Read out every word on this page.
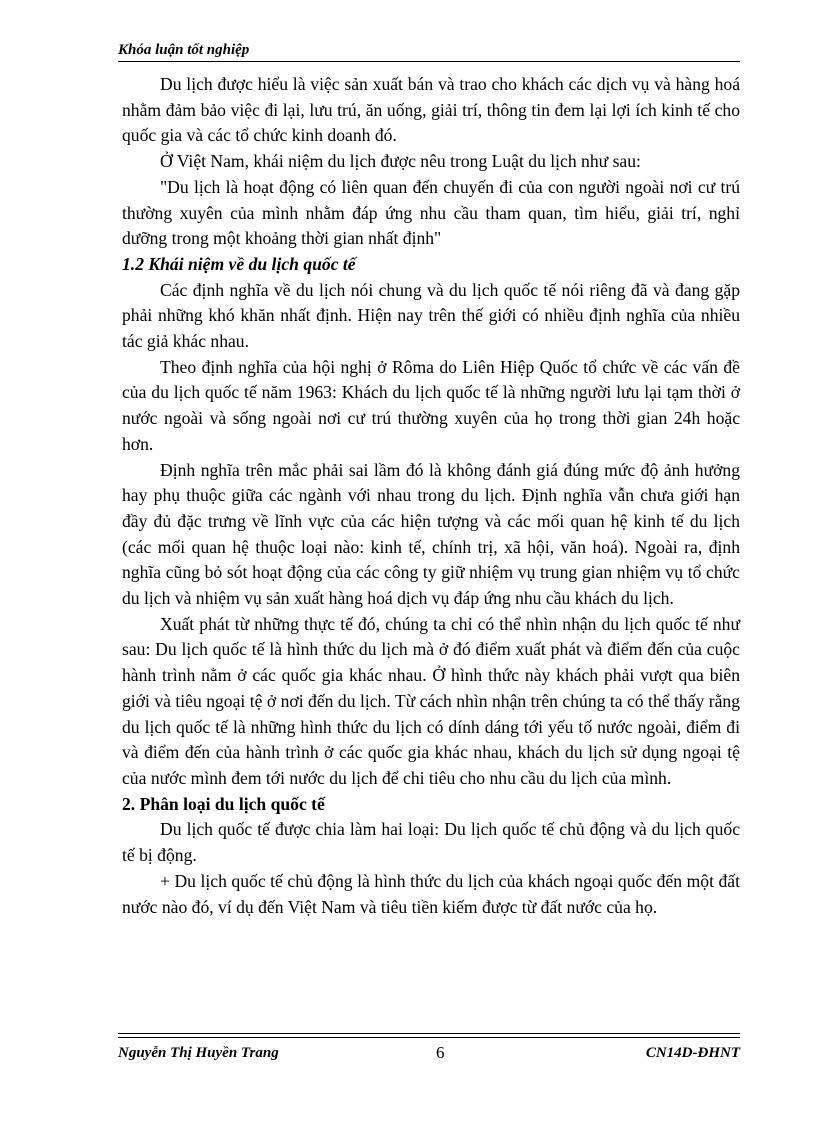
Khóa luận tốt nghiệp

Du lịch được hiểu là việc sản xuất bán và trao cho khách các dịch vụ và hàng hoá nhằm đảm bảo việc đi lại, lưu trú, ăn uống, giải trí, thông tin đem lại lợi ích kinh tế cho quốc gia và các tổ chức kinh doanh đó.

Ở Việt Nam, khái niệm du lịch được nêu trong Luật du lịch như sau:

"Du lịch là hoạt động có liên quan đến chuyến đi của con người ngoài nơi cư trú thường xuyên của mình nhằm đáp ứng nhu cầu tham quan, tìm hiểu, giải trí, nghỉ dưỡng trong một khoảng thời gian nhất định"

1.2 Khái niệm về du lịch quốc tế

Các định nghĩa về du lịch nói chung và du lịch quốc tế nói riêng đã và đang gặp phải những khó khăn nhất định. Hiện nay trên thế giới có nhiều định nghĩa của nhiều tác giả khác nhau.

Theo định nghĩa của hội nghị ở Rôma do Liên Hiệp Quốc tổ chức về các vấn đề của du lịch quốc tế năm 1963: Khách du lịch quốc tế là những người lưu lại tạm thời ở nước ngoài và sống ngoài nơi cư trú thường xuyên của họ trong thời gian 24h hoặc hơn.

Định nghĩa trên mắc phải sai lầm đó là không đánh giá đúng mức độ ảnh hưởng hay phụ thuộc giữa các ngành với nhau trong du lịch. Định nghĩa vẫn chưa giới hạn đầy đủ đặc trưng về lĩnh vực của các hiện tượng và các mối quan hệ kinh tế du lịch (các mối quan hệ thuộc loại nào: kinh tế, chính trị, xã hội, văn hoá). Ngoài ra, định nghĩa cũng bỏ sót hoạt động của các công ty giữ nhiệm vụ trung gian nhiệm vụ tổ chức du lịch và nhiệm vụ sản xuất hàng hoá dịch vụ đáp ứng nhu cầu khách du lịch.

Xuất phát từ những thực tế đó, chúng ta chỉ có thể nhìn nhận du lịch quốc tế như sau: Du lịch quốc tế là hình thức du lịch mà ở đó điểm xuất phát và điểm đến của cuộc hành trình nằm ở các quốc gia khác nhau. Ở hình thức này khách phải vượt qua biên giới và tiêu ngoại tệ ở nơi đến du lịch. Từ cách nhìn nhận trên chúng ta có thể thấy rằng du lịch quốc tế là những hình thức du lịch có dính dáng tới yếu tố nước ngoài, điểm đi và điểm đến của hành trình ở các quốc gia khác nhau, khách du lịch sử dụng ngoại tệ của nước mình đem tới nước du lịch để chi tiêu cho nhu cầu du lịch của mình.

2. Phân loại du lịch quốc tế

Du lịch quốc tế được chia làm hai loại: Du lịch quốc tế chủ động và du lịch quốc tế bị động.

+ Du lịch quốc tế chủ động là hình thức du lịch của khách ngoại quốc đến một đất nước nào đó, ví dụ đến Việt Nam và tiêu tiền kiếm được từ đất nước của họ.

Nguyễn Thị Huyền Trang	6	CN14D-ĐHNT
